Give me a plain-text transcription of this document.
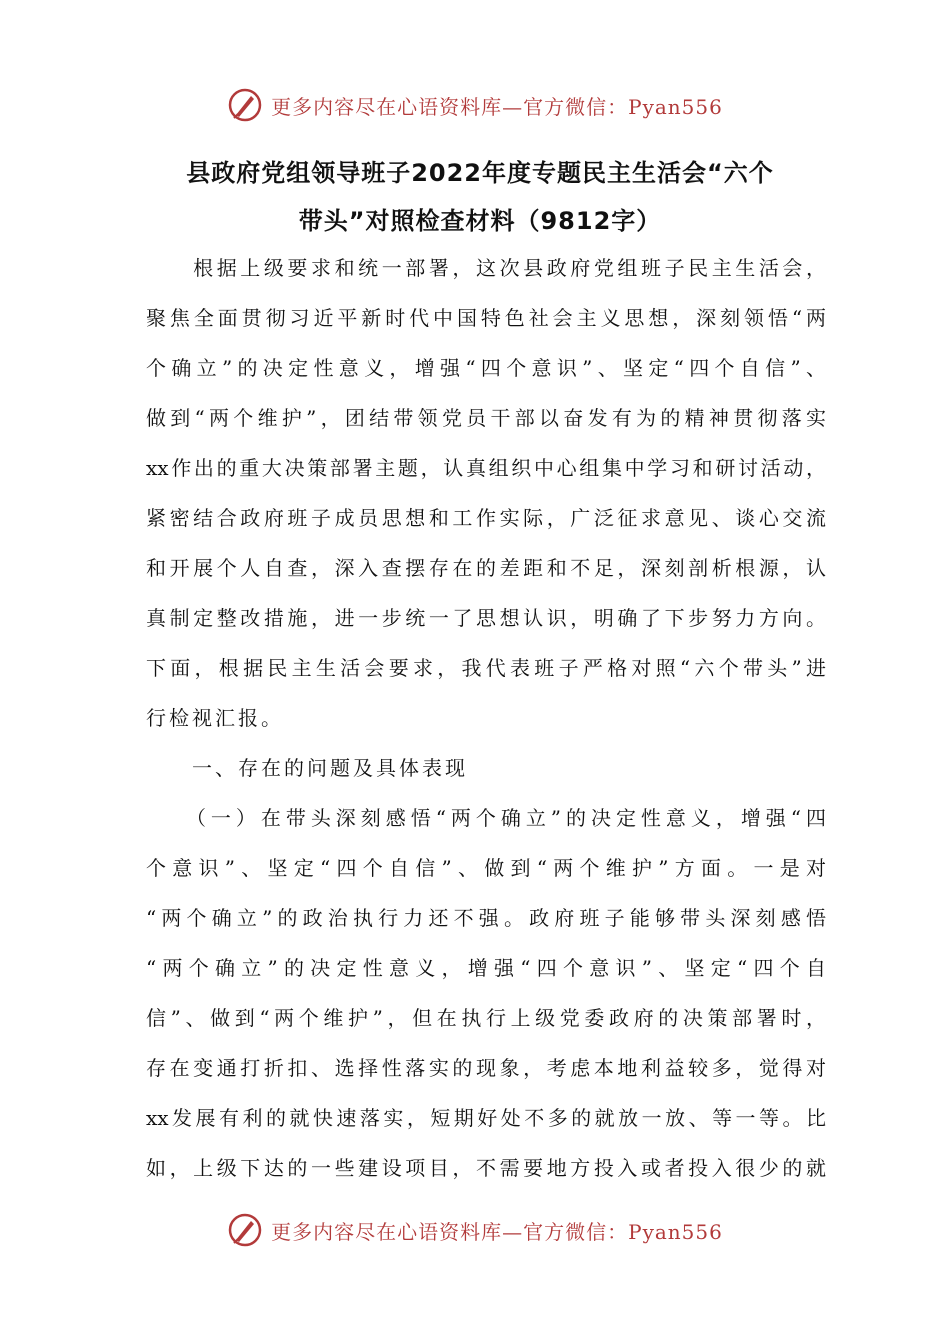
更多内容尽在心语资料库—官方微信：Pyan556
县政府党组领导班子2022年度专题民主生活会“六个
带头”对照检查材料（9812字）
　　根据上级要求和统一部署，这次县政府党组班子民主生活会，
聚焦全面贯彻习近平新时代中国特色社会主义思想，深刻领悟“两
个确立”的决定性意义，增强“四个意识”、坚定“四个自信”、
做到“两个维护”，团结带领党员干部以奋发有为的精神贯彻落实
xx作出的重大决策部署主题，认真组织中心组集中学习和研讨活动，
紧密结合政府班子成员思想和工作实际，广泛征求意见、谈心交流
和开展个人自查，深入查摆存在的差距和不足，深刻剖析根源，认
真制定整改措施，进一步统一了思想认识，明确了下步努力方向。
下面，根据民主生活会要求，我代表班子严格对照“六个带头”进
行检视汇报。
　　一、存在的问题及具体表现
　　（一）在带头深刻感悟“两个确立”的决定性意义，增强“四
个意识”、坚定“四个自信”、做到“两个维护”方面。一是对
“两个确立”的政治执行力还不强。政府班子能够带头深刻感悟
“两个确立”的决定性意义，增强“四个意识”、坚定“四个自
信”、做到“两个维护”，但在执行上级党委政府的决策部署时，
存在变通打折扣、选择性落实的现象，考虑本地利益较多，觉得对
xx发展有利的就快速落实，短期好处不多的就放一放、等一等。比
如，上级下达的一些建设项目，不需要地方投入或者投入很少的就
更多内容尽在心语资料库—官方微信：Pyan556
